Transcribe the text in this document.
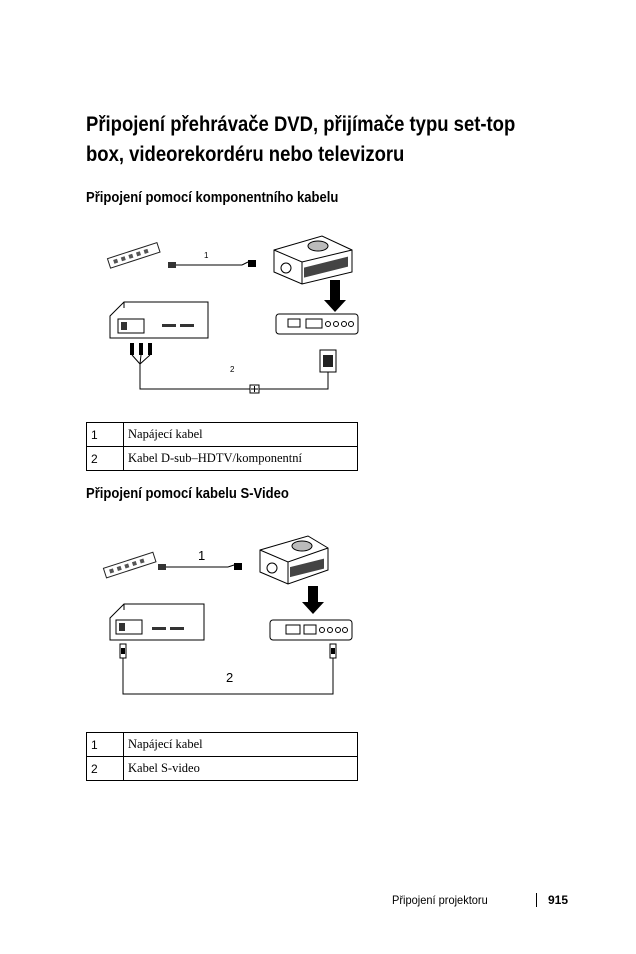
Připojení přehrávače DVD, přijímače typu set-top box, videorekordéru nebo televizoru
Připojení pomocí komponentního kabelu
1
2
1	Napájecí kabel
2	Kabel D-sub–HDTV/komponentní
Připojení pomocí kabelu S-Video
1
2
1	Napájecí kabel
2	Kabel S-video
Připojení projektoru	915
